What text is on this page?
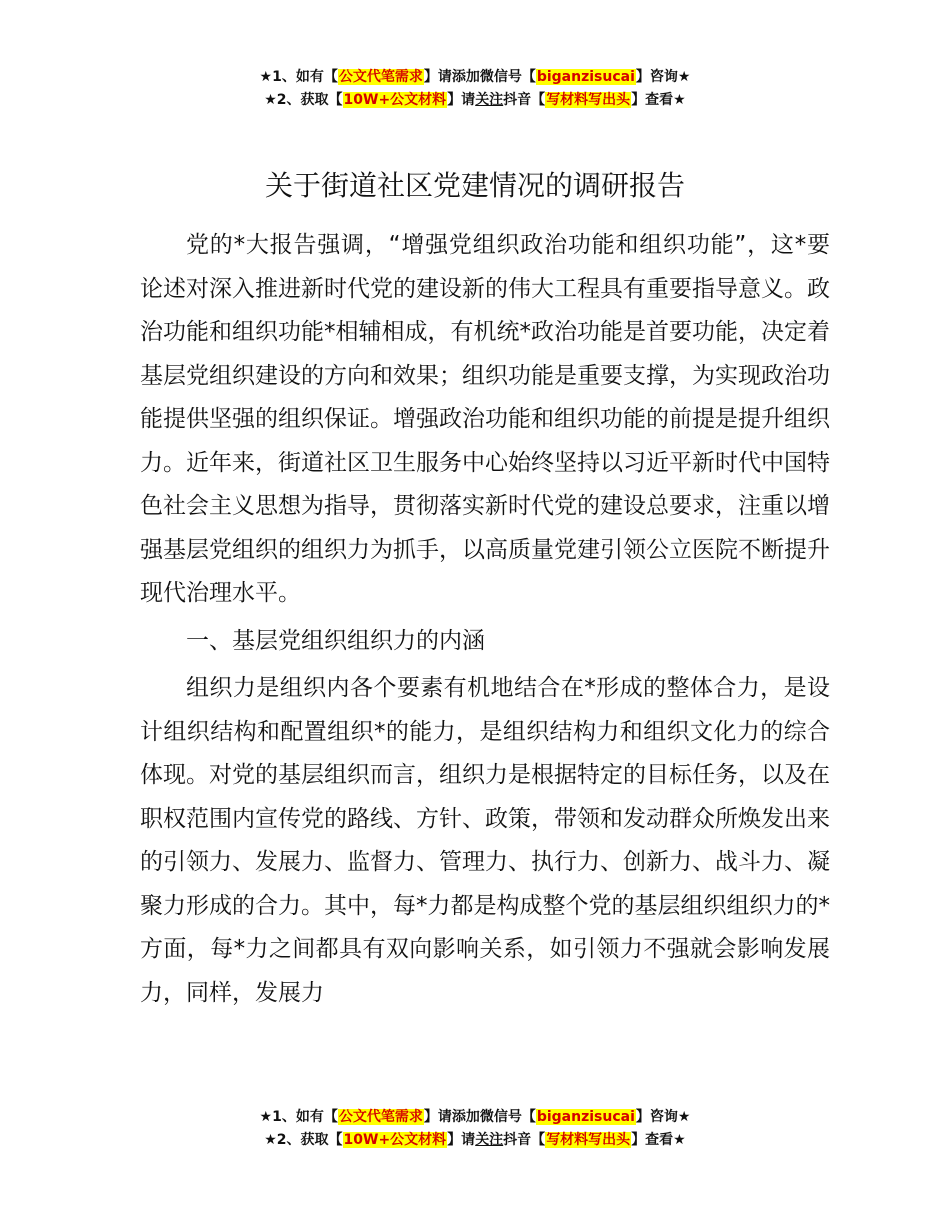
★1、如有【公文代笔需求】请添加微信号【biganzisucai】咨询★
★2、获取【10W+公文材料】请关注抖音【写材料写出头】查看★
关于街道社区党建情况的调研报告

党的*大报告强调，“增强党组织政治功能和组织功能”，这*要论述对深入推进新时代党的建设新的伟大工程具有重要指导意义。政治功能和组织功能*相辅相成，有机统*政治功能是首要功能，决定着基层党组织建设的方向和效果；组织功能是重要支撑，为实现政治功能提供坚强的组织保证。增强政治功能和组织功能的前提是提升组织力。近年来，街道社区卫生服务中心始终坚持以习近平新时代中国特色社会主义思想为指导，贯彻落实新时代党的建设总要求，注重以增强基层党组织的组织力为抓手，以高质量党建引领公立医院不断提升现代治理水平。

一、基层党组织组织力的内涵

组织力是组织内各个要素有机地结合在*形成的整体合力，是设计组织结构和配置组织*的能力，是组织结构力和组织文化力的综合体现。对党的基层组织而言，组织力是根据特定的目标任务，以及在职权范围内宣传党的路线、方针、政策，带领和发动群众所焕发出来的引领力、发展力、监督力、管理力、执行力、创新力、战斗力、凝聚力形成的合力。其中，每*力都是构成整个党的基层组织组织力的*方面，每*力之间都具有双向影响关系，如引领力不强就会影响发展力，同样，发展力

★1、如有【公文代笔需求】请添加微信号【biganzisucai】咨询★
★2、获取【10W+公文材料】请关注抖音【写材料写出头】查看★
